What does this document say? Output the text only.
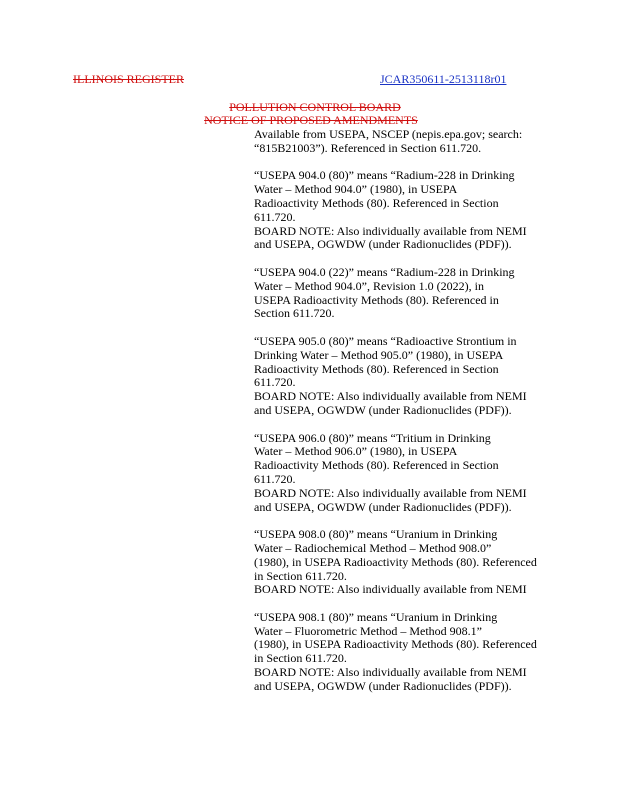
ILLINOIS REGISTER	JCAR350611-2513118r01
POLLUTION CONTROL BOARD
NOTICE OF PROPOSED AMENDMENTS
Available from USEPA, NSCEP (nepis.epa.gov; search:
“815B21003”). Referenced in Section 611.720.
“USEPA 904.0 (80)” means “Radium-228 in Drinking
Water – Method 904.0” (1980), in USEPA
Radioactivity Methods (80). Referenced in Section
611.720.
BOARD NOTE: Also individually available from NEMI
and USEPA, OGWDW (under Radionuclides (PDF)).
“USEPA 904.0 (22)” means “Radium-228 in Drinking
Water – Method 904.0”, Revision 1.0 (2022), in
USEPA Radioactivity Methods (80). Referenced in
Section 611.720.
“USEPA 905.0 (80)” means “Radioactive Strontium in
Drinking Water – Method 905.0” (1980), in USEPA
Radioactivity Methods (80). Referenced in Section
611.720.
BOARD NOTE: Also individually available from NEMI
and USEPA, OGWDW (under Radionuclides (PDF)).
“USEPA 906.0 (80)” means “Tritium in Drinking
Water – Method 906.0” (1980), in USEPA
Radioactivity Methods (80). Referenced in Section
611.720.
BOARD NOTE: Also individually available from NEMI
and USEPA, OGWDW (under Radionuclides (PDF)).
“USEPA 908.0 (80)” means “Uranium in Drinking
Water – Radiochemical Method – Method 908.0”
(1980), in USEPA Radioactivity Methods (80). Referenced
in Section 611.720.
BOARD NOTE: Also individually available from NEMI
“USEPA 908.1 (80)” means “Uranium in Drinking
Water – Fluorometric Method – Method 908.1”
(1980), in USEPA Radioactivity Methods (80). Referenced
in Section 611.720.
BOARD NOTE: Also individually available from NEMI
and USEPA, OGWDW (under Radionuclides (PDF)).
